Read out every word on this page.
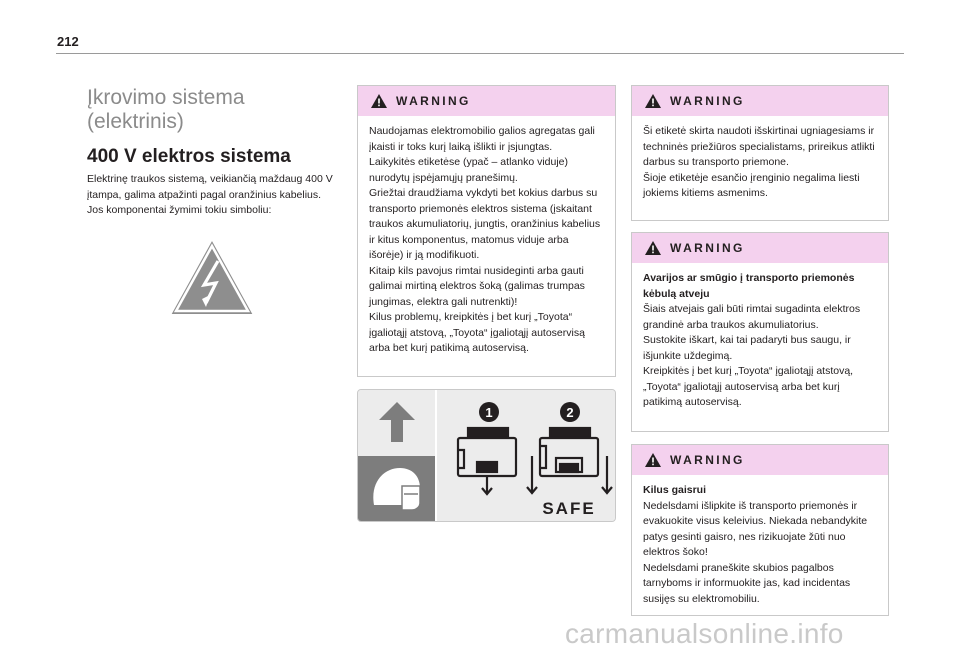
212
Įkrovimo sistema
(elektrinis)
400 V elektros sistema

Elektrinę traukos sistemą, veikiančią maždaug 400 V įtampa, galima atpažinti pagal oranžinius kabelius. Jos komponentai žymimi tokiu simboliu:

WARNING
Naudojamas elektromobilio galios agregatas gali įkaisti ir toks kurį laiką išlikti ir įsjungtas.
Laikykitės etiketėse (ypač – atlanko viduje) nurodytų įspėjamųjų pranešimų.
Griežtai draudžiama vykdyti bet kokius darbus su transporto priemonės elektros sistema (įskaitant traukos akumuliatorių, jungtis, oranžinius kabelius ir kitus komponentus, matomus viduje arba išorėje) ir ją modifikuoti.
Kitaip kils pavojus rimtai nusideginti arba gauti galimai mirtiną elektros šoką (galimas trumpas jungimas, elektra gali nutrenkti)!
Kilus problemų, kreipkitės į bet kurį „Toyota“ įgaliotąjį atstovą, „Toyota“ įgaliotąjį autoservisą arba bet kurį patikimą autoservisą.
1	2
SAFE
WARNING
Ši etiketė skirta naudoti išskirtinai ugniagesiams ir techninės priežiūros specialistams, prireikus atlikti darbus su transporto priemone.
Šioje etiketėje esančio įrenginio negalima liesti jokiems kitiems asmenims.
WARNING
Avarijos ar smūgio į transporto priemonės kėbulą atveju
Šiais atvejais gali būti rimtai sugadinta elektros grandinė arba traukos akumuliatorius.
Sustokite iškart, kai tai padaryti bus saugu, ir išjunkite uždegimą.
Kreipkitės į bet kurį „Toyota“ įgaliotąjį atstovą, „Toyota“ įgaliotąjį autoservisą arba bet kurį patikimą autoservisą.
WARNING
Kilus gaisrui
Nedelsdami išlipkite iš transporto priemonės ir evakuokite visus keleivius. Niekada nebandykite patys gesinti gaisro, nes rizikuojate žūti nuo elektros šoko!
Nedelsdami praneškite skubios pagalbos tarnyboms ir informuokite jas, kad incidentas susijęs su elektromobiliu.
carmanualsonline.info
